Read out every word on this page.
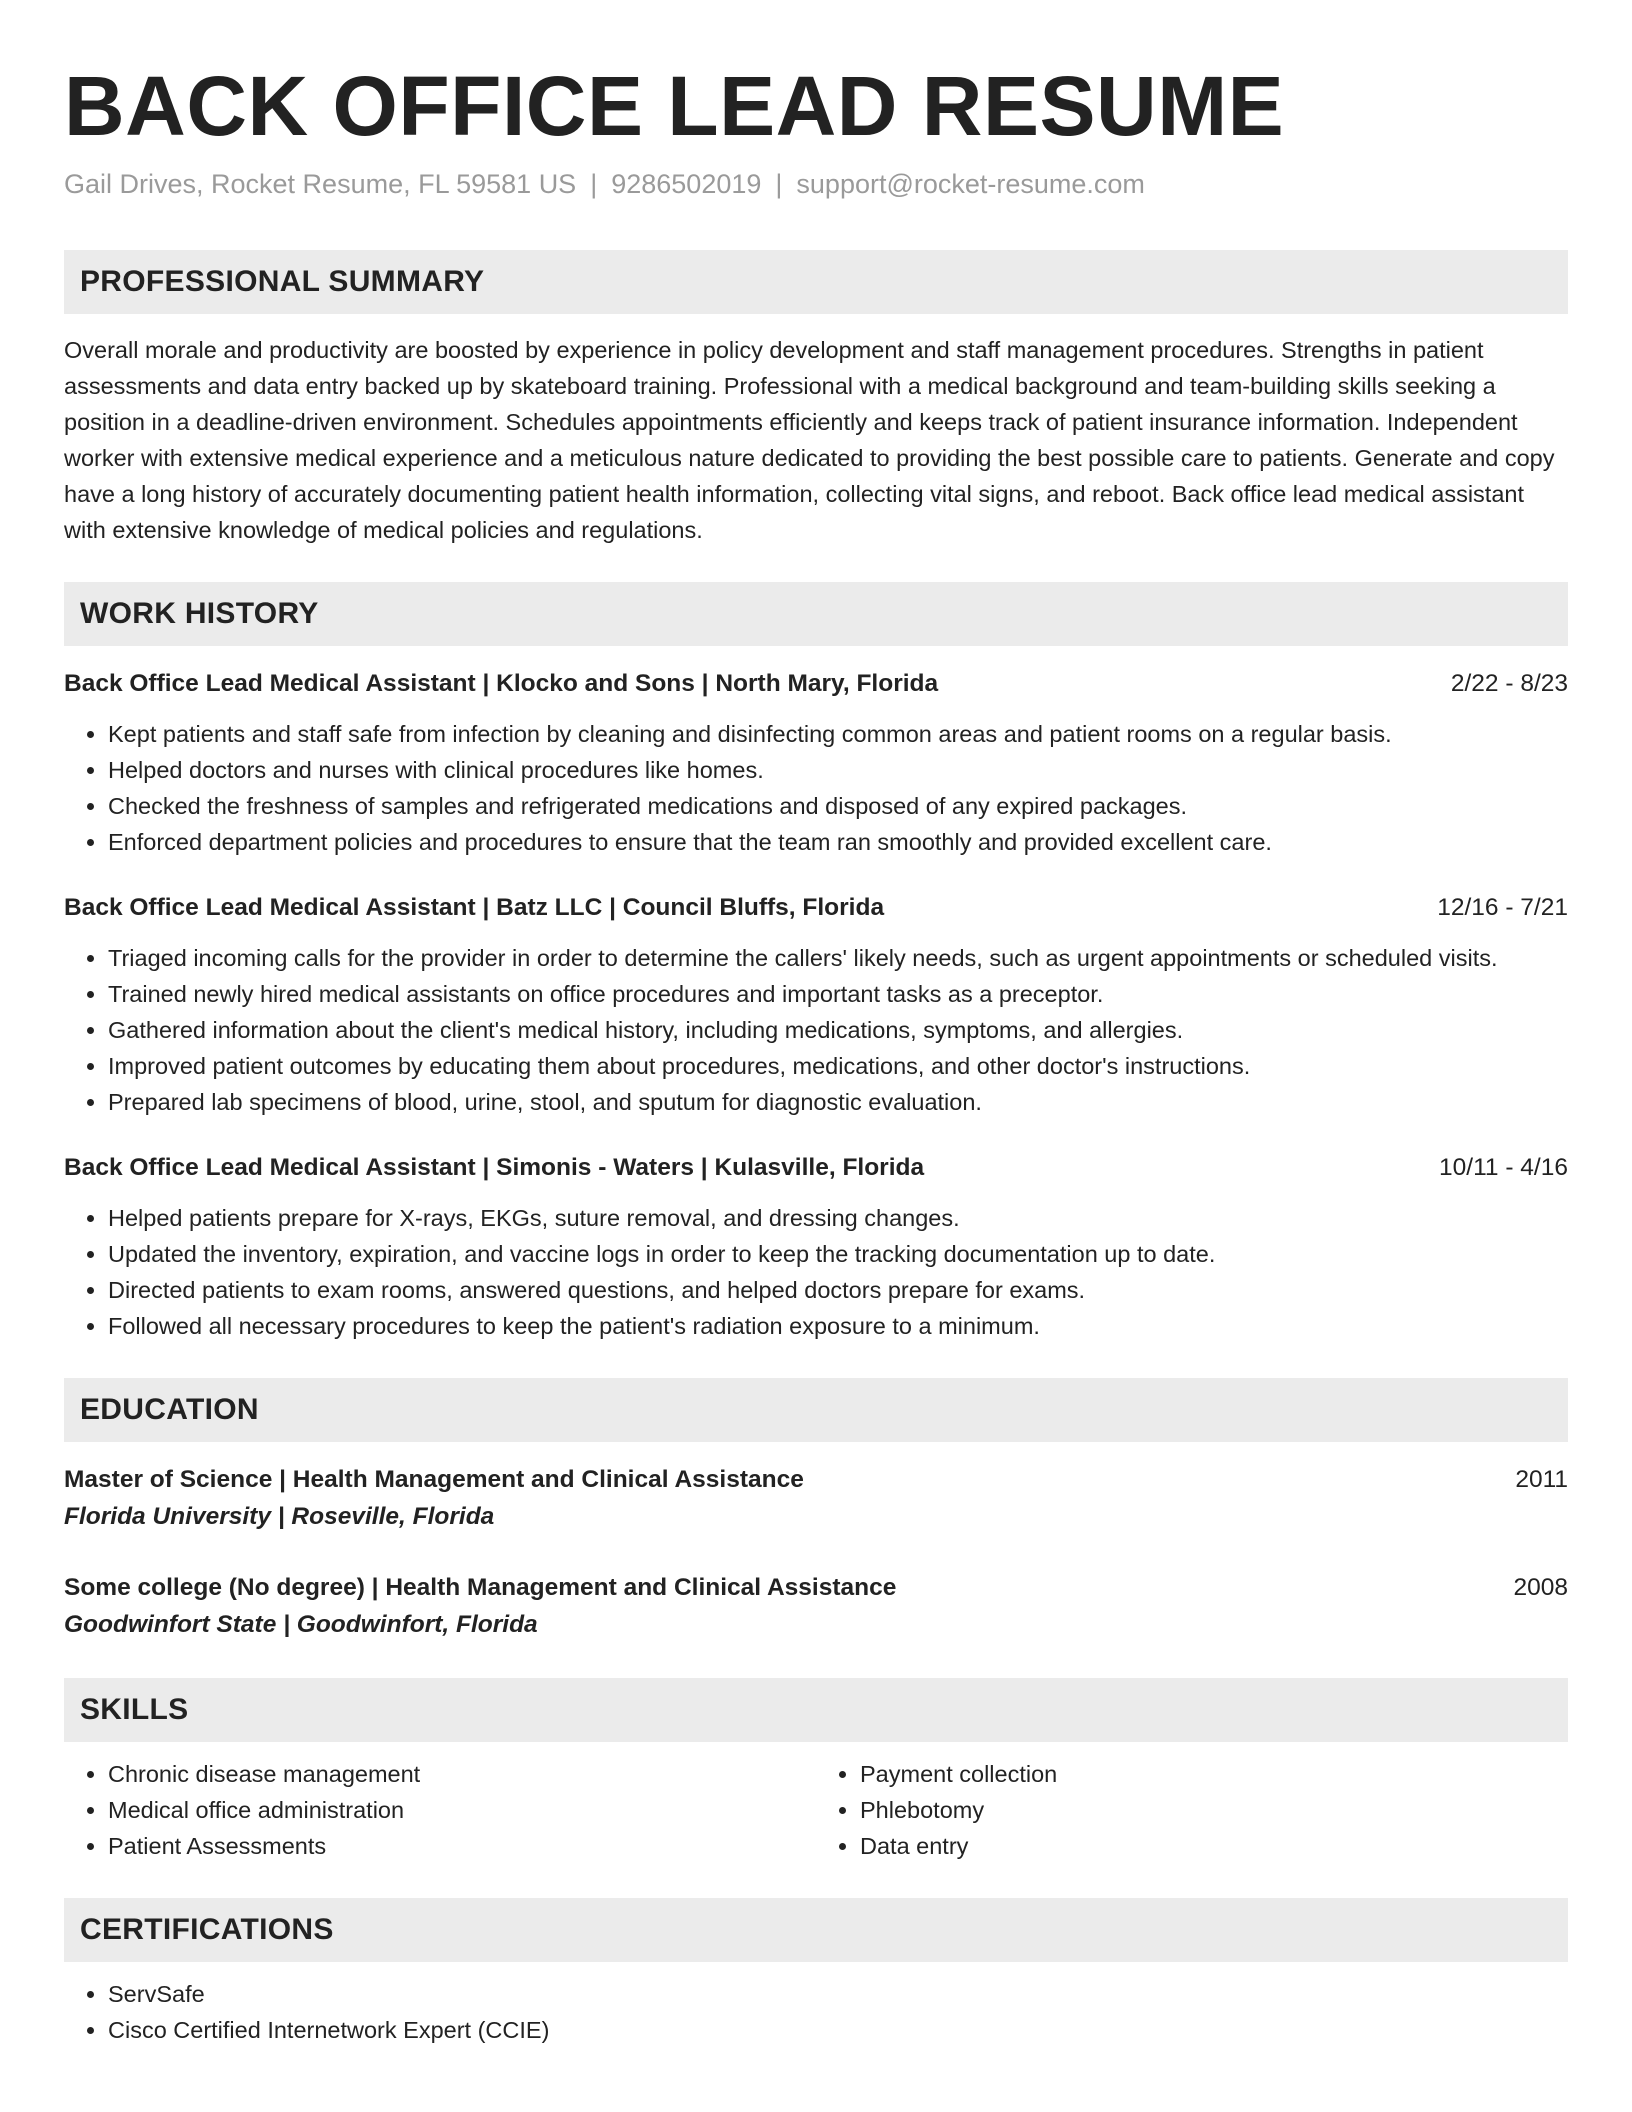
BACK OFFICE LEAD RESUME
Gail Drives, Rocket Resume, FL 59581 US | 9286502019 | support@rocket-resume.com
PROFESSIONAL SUMMARY
Overall morale and productivity are boosted by experience in policy development and staff management procedures. Strengths in patient assessments and data entry backed up by skateboard training. Professional with a medical background and team-building skills seeking a position in a deadline-driven environment. Schedules appointments efficiently and keeps track of patient insurance information. Independent worker with extensive medical experience and a meticulous nature dedicated to providing the best possible care to patients. Generate and copy have a long history of accurately documenting patient health information, collecting vital signs, and reboot. Back office lead medical assistant with extensive knowledge of medical policies and regulations.
WORK HISTORY
Back Office Lead Medical Assistant | Klocko and Sons | North Mary, Florida	2/22 - 8/23
• Kept patients and staff safe from infection by cleaning and disinfecting common areas and patient rooms on a regular basis.
• Helped doctors and nurses with clinical procedures like homes.
• Checked the freshness of samples and refrigerated medications and disposed of any expired packages.
• Enforced department policies and procedures to ensure that the team ran smoothly and provided excellent care.
Back Office Lead Medical Assistant | Batz LLC | Council Bluffs, Florida	12/16 - 7/21
• Triaged incoming calls for the provider in order to determine the callers' likely needs, such as urgent appointments or scheduled visits.
• Trained newly hired medical assistants on office procedures and important tasks as a preceptor.
• Gathered information about the client's medical history, including medications, symptoms, and allergies.
• Improved patient outcomes by educating them about procedures, medications, and other doctor's instructions.
• Prepared lab specimens of blood, urine, stool, and sputum for diagnostic evaluation.
Back Office Lead Medical Assistant | Simonis - Waters | Kulasville, Florida	10/11 - 4/16
• Helped patients prepare for X-rays, EKGs, suture removal, and dressing changes.
• Updated the inventory, expiration, and vaccine logs in order to keep the tracking documentation up to date.
• Directed patients to exam rooms, answered questions, and helped doctors prepare for exams.
• Followed all necessary procedures to keep the patient's radiation exposure to a minimum.
EDUCATION
Master of Science | Health Management and Clinical Assistance	2011
Florida University | Roseville, Florida
Some college (No degree) | Health Management and Clinical Assistance	2008
Goodwinfort State | Goodwinfort, Florida
SKILLS
• Chronic disease management
• Medical office administration
• Patient Assessments
• Payment collection
• Phlebotomy
• Data entry
CERTIFICATIONS
• ServSafe
• Cisco Certified Internetwork Expert (CCIE)
